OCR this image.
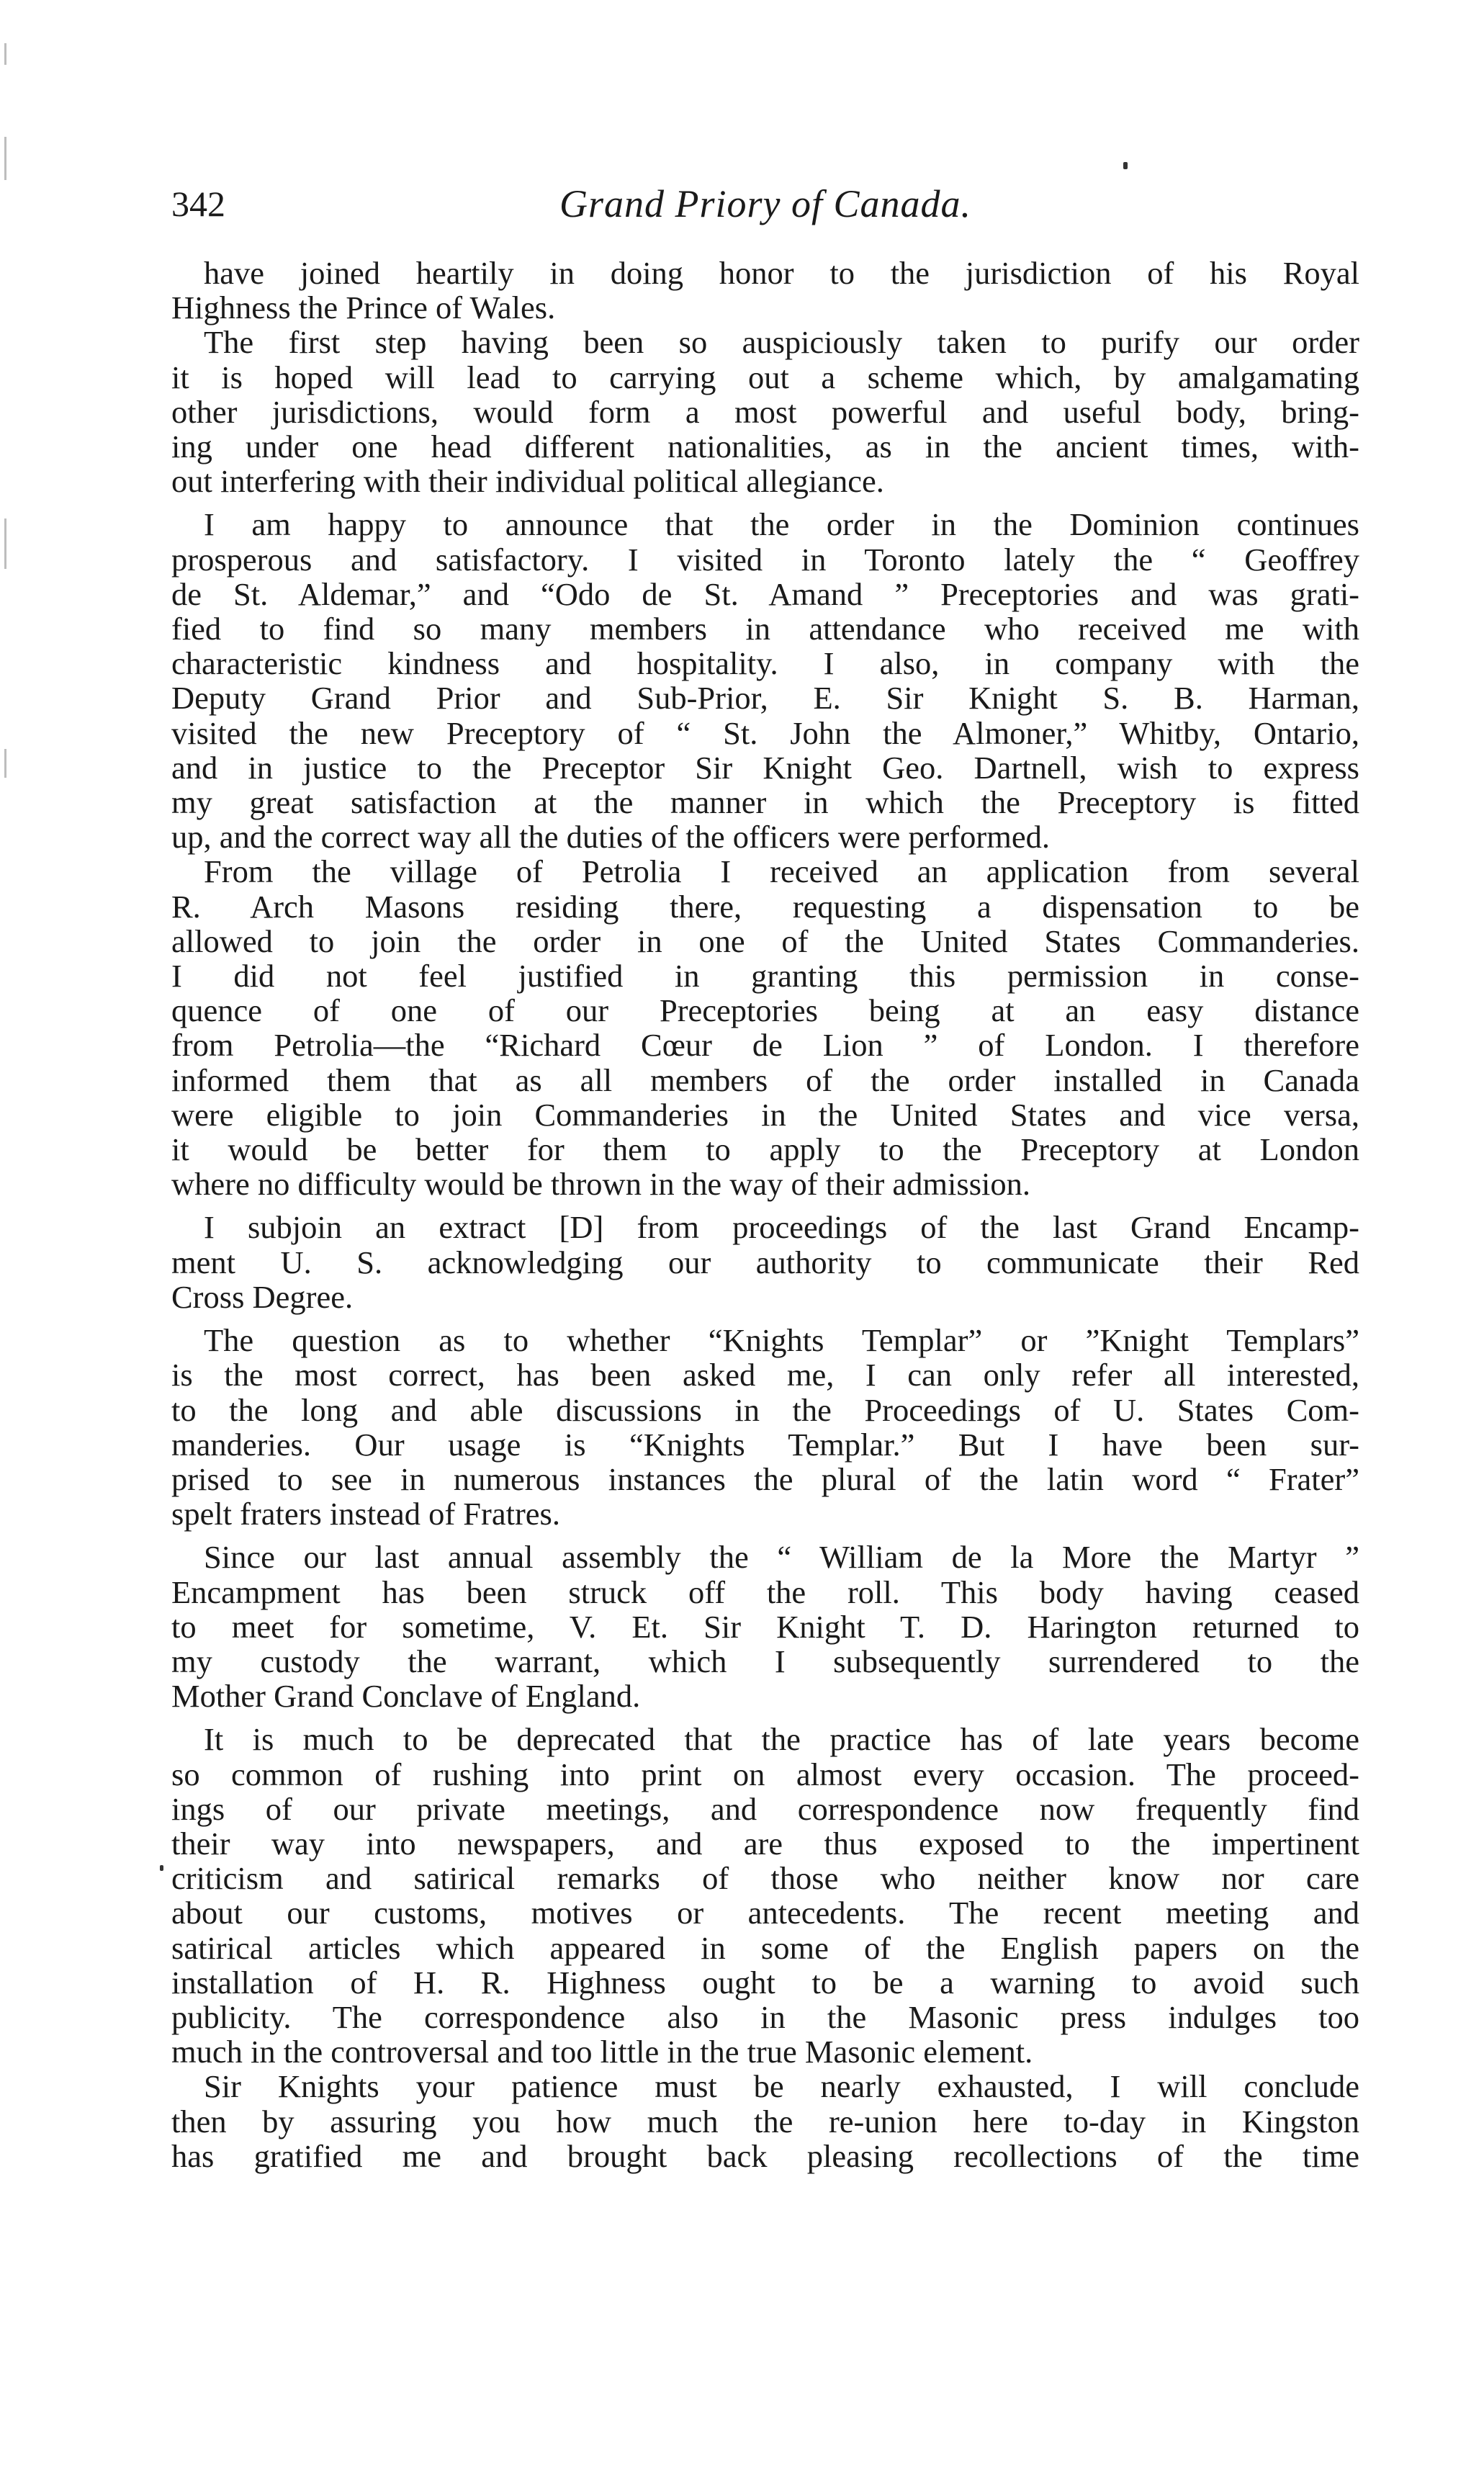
342	Grand Priory of Canada.

have joined heartily in doing honor to the jurisdiction of his Royal
Highness the Prince of Wales.

The first step having been so auspiciously taken to purify our order
it is hoped will lead to carrying out a scheme which, by amalgamating
other jurisdictions, would form a most powerful and useful body, bring-
ing under one head different nationalities, as in the ancient times, with-
out interfering with their individual political allegiance.

I am happy to announce that the order in the Dominion continues
prosperous and satisfactory. I visited in Toronto lately the “ Geoffrey
de St. Aldemar,” and “Odo de St. Amand ” Preceptories and was grati-
fied to find so many members in attendance who received me with
characteristic kindness and hospitality. I also, in company with the
Deputy Grand Prior and Sub-Prior, E. Sir Knight S. B. Harman,
visited the new Preceptory of “ St. John the Almoner,” Whitby, Ontario,
and in justice to the Preceptor Sir Knight Geo. Dartnell, wish to express
my great satisfaction at the manner in which the Preceptory is fitted
up, and the correct way all the duties of the officers were performed.

From the village of Petrolia I received an application from several
R. Arch Masons residing there, requesting a dispensation to be
allowed to join the order in one of the United States Commanderies.
I did not feel justified in granting this permission in conse-
quence of one of our Preceptories being at an easy distance
from Petrolia—the “Richard Cœur de Lion ” of London. I therefore
informed them that as all members of the order installed in Canada
were eligible to join Commanderies in the United States and vice versa,
it would be better for them to apply to the Preceptory at London
where no difficulty would be thrown in the way of their admission.

I subjoin an extract [D] from proceedings of the last Grand Encamp-
ment U. S. acknowledging our authority to communicate their Red
Cross Degree.

The question as to whether “Knights Templar” or ”Knight Templars”
is the most correct, has been asked me, I can only refer all interested,
to the long and able discussions in the Proceedings of U. States Com-
manderies. Our usage is “Knights Templar.” But I have been sur-
prised to see in numerous instances the plural of the latin word “ Frater”
spelt fraters instead of Fratres.

Since our last annual assembly the “ William de la More the Martyr ”
Encampment has been struck off the roll. This body having ceased
to meet for sometime, V. Et. Sir Knight T. D. Harington returned to
my custody the warrant, which I subsequently surrendered to the
Mother Grand Conclave of England.

It is much to be deprecated that the practice has of late years become
so common of rushing into print on almost every occasion. The proceed-
ings of our private meetings, and correspondence now frequently find
their way into newspapers, and are thus exposed to the impertinent
criticism and satirical remarks of those who neither know nor care
about our customs, motives or antecedents. The recent meeting and
satirical articles which appeared in some of the English papers on the
installation of H. R. Highness ought to be a warning to avoid such
publicity. The correspondence also in the Masonic press indulges too
much in the controversal and too little in the true Masonic element.

Sir Knights your patience must be nearly exhausted, I will conclude
then by assuring you how much the re-union here to-day in Kingston
has gratified me and brought back pleasing recollections of the time
